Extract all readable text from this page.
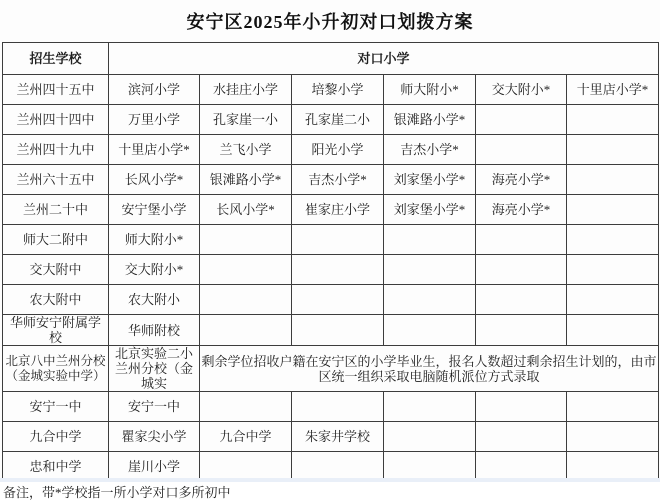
安宁区2025年小升初对口划拨方案
招生学校	对口小学					
兰州四十五中	滨河小学	水挂庄小学	培黎小学	师大附小*	交大附小*	十里店小学*
兰州四十四中	万里小学	孔家崖一小	孔家崖二小	银滩路小学*		
兰州四十九中	十里店小学*	兰飞小学	阳光小学	吉杰小学*		
兰州六十五中	长风小学*	银滩路小学*	吉杰小学*	刘家堡小学*	海亮小学*	
兰州二十中	安宁堡小学	长风小学*	崔家庄小学	刘家堡小学*	海亮小学*	
师大二附中	师大附小*					
交大附中	交大附小*					
农大附中	农大附小					
华师安宁附属学校	华师附校					
北京八中兰州分校（金城实验中学）	北京实验二小兰州分校（金城实	剩余学位招收户籍在安宁区的小学毕业生，报名人数超过剩余招生计划的，由市区统一组织采取电脑随机派位方式录取				
安宁一中	安宁一中					
九合中学	瞿家尖小学	九合中学	朱家井学校			
忠和中学	崖川小学					
备注，带*学校指一所小学对口多所初中
